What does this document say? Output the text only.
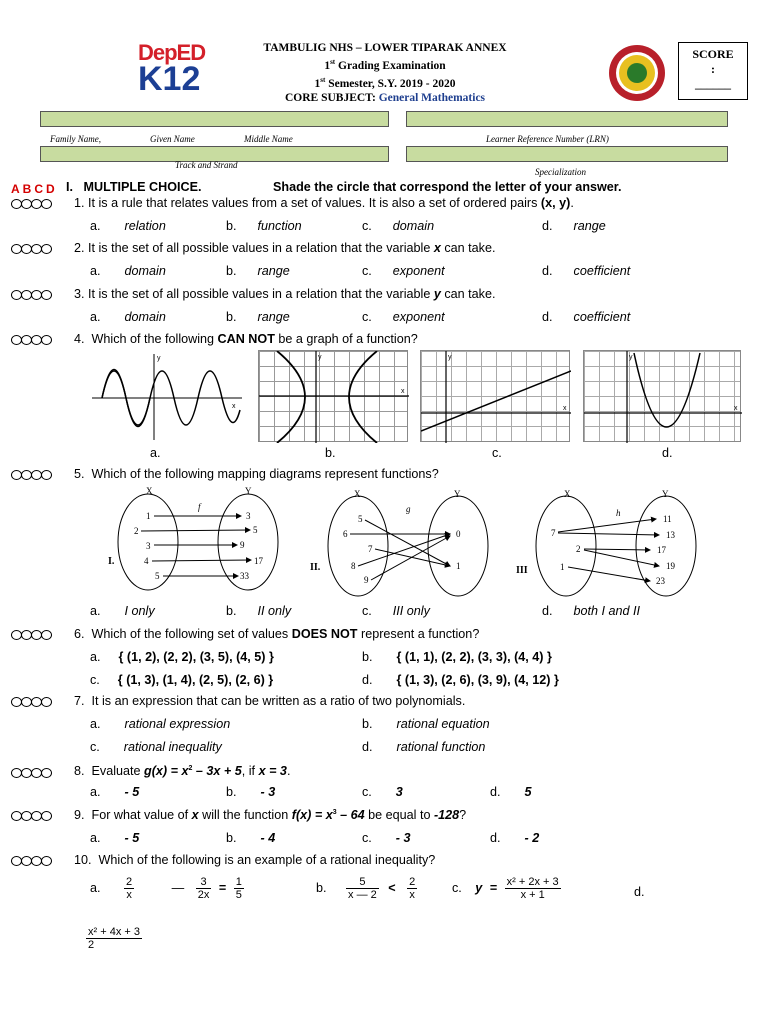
DepED
K12
TAMBULIG NHS – LOWER TIPARAK ANNEX
1st Grading Examination
1st Semester, S.Y. 2019 - 2020
CORE SUBJECT: General Mathematics
SCORE
:
______
Family Name,	Given Name	Middle Name	Learner Reference Number (LRN)
Track and Strand
Specialization
ABCD I. MULTIPLE CHOICE.	Shade the circle that correspond the letter of your answer.
1. It is a rule that relates values from a set of values. It is also a set of ordered pairs (x, y).
a. relation	b. function	c. domain	d. range
2. It is the set of all possible values in a relation that the variable x can take.
a. domain	b. range	c. exponent	d. coefficient
3. It is the set of all possible values in a relation that the variable y can take.
a. domain	b. range	c. exponent	d. coefficient
4. Which of the following CAN NOT be a graph of a function?
y
x
a.
y
x
b.
y
x
c.
y
x
d.
5. Which of the following mapping diagrams represent functions?
I.
X	Y
f
1
2
3
4
5
3
5
9
17
33
II.
X	Y
g
5
6
7
8
9
0
1	III
X	Y
h
7
2
1
11
13
17
19
23
a. I only	b. II only	c. III only	d. both I and II
6. Which of the following set of values DOES NOT represent a function?
a. { (1, 2), (2, 2), (3, 5), (4, 5) }	b. { (1, 1), (2, 2), (3, 3), (4, 4) }
c. { (1, 3), (1, 4), (2, 5), (2, 6) }	d. { (1, 3), (2, 6), (3, 9), (4, 12) }
7. It is an expression that can be written as a ratio of two polynomials.
a. rational expression	b. rational equation
c. rational inequality	d. rational function
8. Evaluate $g(x) = x^2 - 3x + 5$, if x = 3.
a. - 5	b. - 3	c. 3	d. 5
9. For what value of x will the function $f(x) = x^3 - 64$ be equal to -128?
a. - 5	b. - 4	c. - 3	d. - 2
10. Which of the following is an example of a rational inequality?
a. $\frac{2}{x}$	— $\frac{3}{2x} = \frac{1}{5}$	b. $\frac{5}{x — 2} < \frac{2}{x}$	c. $y = \frac{\text{x² + 2x + 3}}{x + 1}$	d.
$\frac{\text{x² + 4x + 3}}{2}$
